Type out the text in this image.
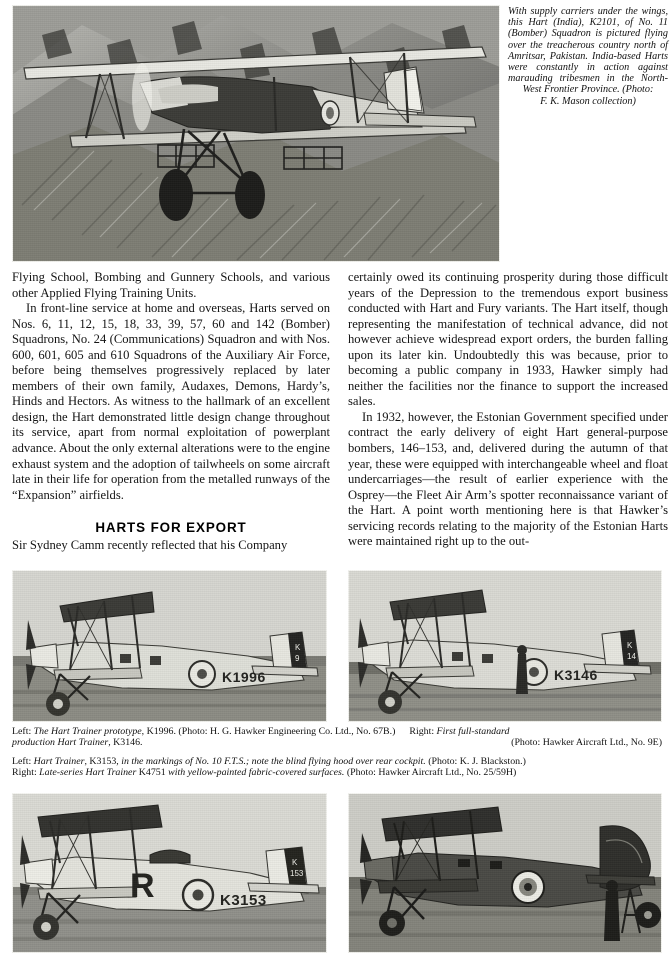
With supply carriers under the wings, this Hart (India), K2101, of No. 11 (Bomber) Squadron is pictured flying over the treacherous country north of Amritsar, Pakistan. India-based Harts were constantly in action against marauding tribesmen in the North-West Frontier Province. (Photo:
F. K. Mason collection)

Flying School, Bombing and Gunnery Schools, and various other Applied Flying Training Units.

In front-line service at home and overseas, Harts served on Nos. 6, 11, 12, 15, 18, 33, 39, 57, 60 and 142 (Bomber) Squadrons, No. 24 (Communications) Squadron and with Nos. 600, 601, 605 and 610 Squadrons of the Auxiliary Air Force, before being themselves progressively replaced by later members of their own family, Audaxes, Demons, Hardy’s, Hinds and Hectors. As witness to the hallmark of an excellent design, the Hart demonstrated little design change throughout its service, apart from normal exploitation of powerplant advance. About the only external alterations were to the engine exhaust system and the adoption of tailwheels on some aircraft late in their life for operation from the metalled runways of the “Expansion” airfields.

HARTS FOR EXPORT

Sir Sydney Camm recently reflected that his Company

certainly owed its continuing prosperity during those difficult years of the Depression to the tremendous export business conducted with Hart and Fury variants. The Hart itself, though representing the manifestation of technical advance, did not however achieve widespread export orders, the burden falling upon its later kin. Undoubtedly this was because, prior to becoming a public company in 1933, Hawker simply had neither the facilities nor the finance to support the increased sales.

In 1932, however, the Estonian Government specified under contract the early delivery of eight Hart general-purpose bombers, 146–153, and, delivered during the autumn of that year, these were equipped with interchangeable wheel and float undercarriages—the result of earlier experience with the Osprey—the Fleet Air Arm’s spotter reconnaissance variant of the Hart. A point worth mentioning here is that Hawker’s servicing records relating to the majority of the Estonian Harts were maintained right up to the out-

K1996
K
9
K3146
K
14
Left: The Hart Trainer prototype, K1996. (Photo: H. G. Hawker Engineering Co. Ltd., No. 67B.) Right: First full-standard
production Hart Trainer, K3146.	(Photo: Hawker Aircraft Ltd., No. 9E)
Left: Hart Trainer, K3153, in the markings of No. 10 F.T.S.; note the blind flying hood over rear cockpit. (Photo: K. J. Blackston.)
Right: Late-series Hart Trainer K4751 with yellow-painted fabric-covered surfaces. (Photo: Hawker Aircraft Ltd., No. 25/59H)
R	K3153
K
153
